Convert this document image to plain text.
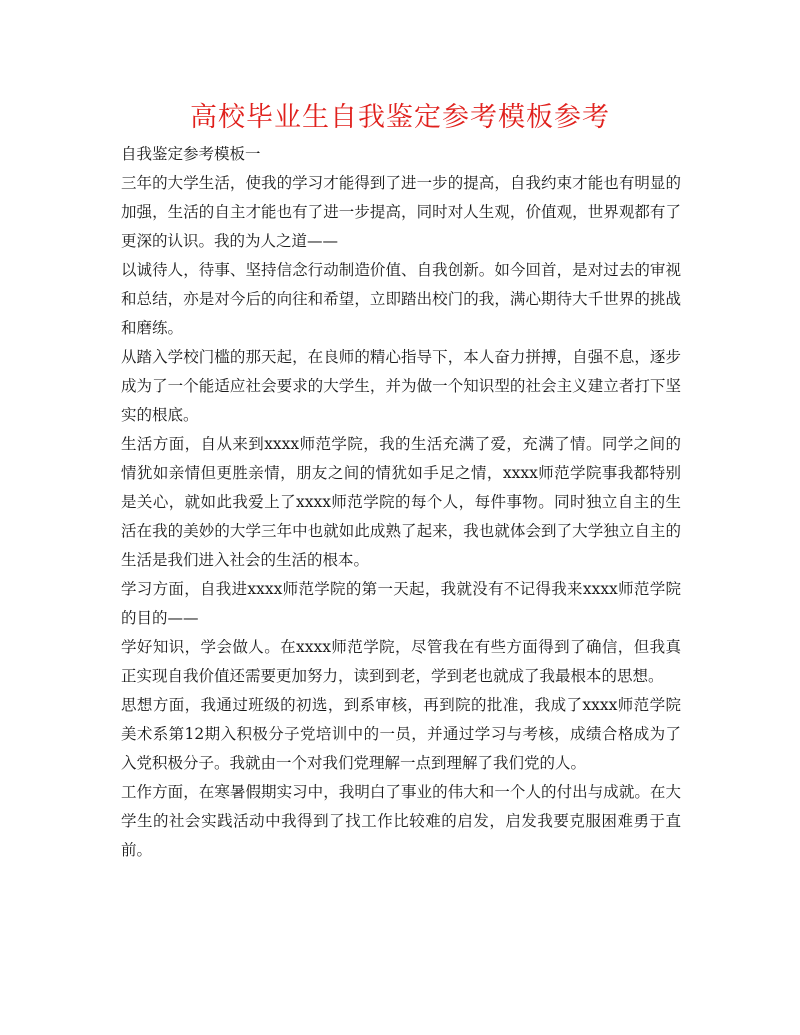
高校毕业生自我鉴定参考模板参考

自我鉴定参考模板一

三年的大学生活，使我的学习才能得到了进一步的提高，自我约束才能也有明显的加强，生活的自主才能也有了进一步提高，同时对人生观，价值观，世界观都有了更深的认识。我的为人之道——

以诚待人，待事、坚持信念行动制造价值、自我创新。如今回首，是对过去的审视和总结，亦是对今后的向往和希望，立即踏出校门的我，满心期待大千世界的挑战和磨练。

从踏入学校门槛的那天起，在良师的精心指导下，本人奋力拼搏，自强不息，逐步成为了一个能适应社会要求的大学生，并为做一个知识型的社会主义建立者打下坚实的根底。

生活方面，自从来到xxxx师范学院，我的生活充满了爱，充满了情。同学之间的情犹如亲情但更胜亲情，朋友之间的情犹如手足之情，xxxx师范学院事我都特别是关心，就如此我爱上了xxxx师范学院的每个人，每件事物。同时独立自主的生活在我的美妙的大学三年中也就如此成熟了起来，我也就体会到了大学独立自主的生活是我们进入社会的生活的根本。

学习方面，自我进xxxx师范学院的第一天起，我就没有不记得我来xxxx师范学院的目的——

学好知识，学会做人。在xxxx师范学院，尽管我在有些方面得到了确信，但我真正实现自我价值还需要更加努力，读到到老，学到老也就成了我最根本的思想。

思想方面，我通过班级的初选，到系审核，再到院的批准，我成了xxxx师范学院美术系第12期入积极分子党培训中的一员，并通过学习与考核，成绩合格成为了入党积极分子。我就由一个对我们党理解一点到理解了我们党的人。

工作方面，在寒暑假期实习中，我明白了事业的伟大和一个人的付出与成就。在大学生的社会实践活动中我得到了找工作比较难的启发，启发我要克服困难勇于直前。
